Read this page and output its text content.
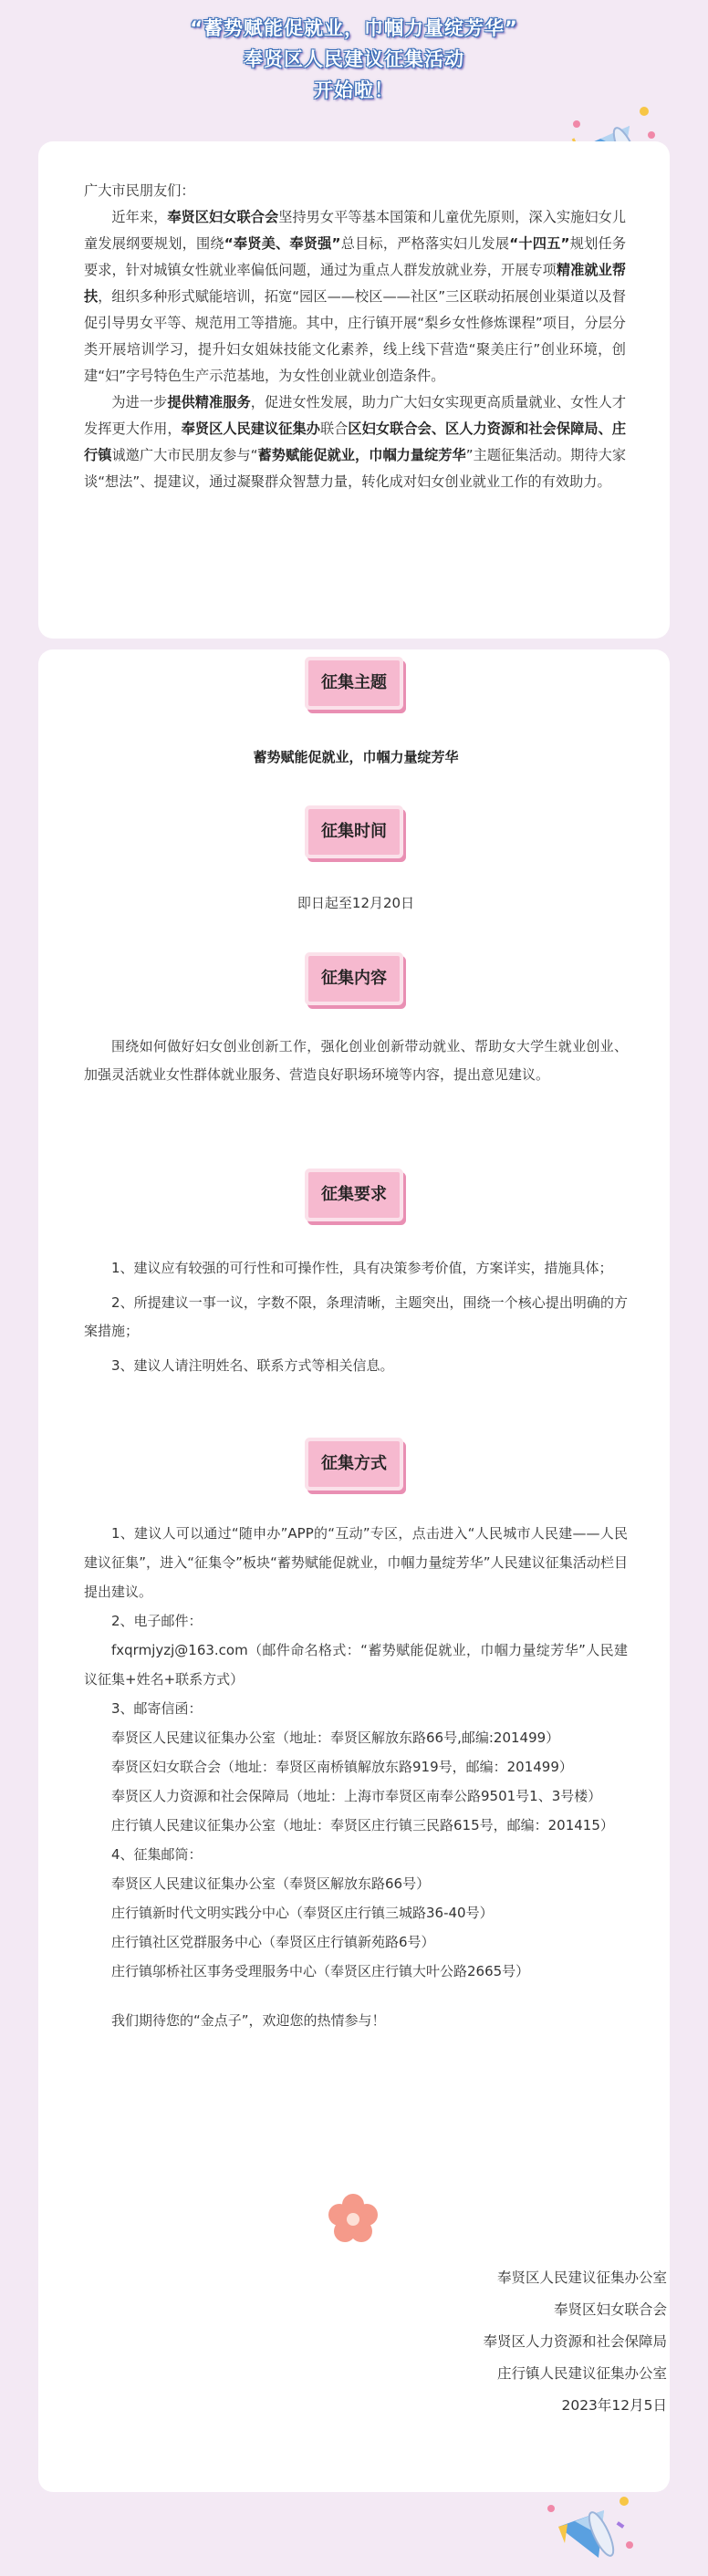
“蓄势赋能促就业，巾帼力量绽芳华”
奉贤区人民建议征集活动
开始啦！

广大市民朋友们：

近年来，奉贤区妇女联合会坚持男女平等基本国策和儿童优先原则，深入实施妇女儿童发展纲要规划，围绕“奉贤美、奉贤强”总目标，严格落实妇儿发展“十四五”规划任务要求，针对城镇女性就业率偏低问题，通过为重点人群发放就业券，开展专项精准就业帮扶，组织多种形式赋能培训，拓宽“园区——校区——社区”三区联动拓展创业渠道以及督促引导男女平等、规范用工等措施。其中，庄行镇开展“梨乡女性修炼课程”项目，分层分类开展培训学习，提升妇女姐妹技能文化素养，线上线下营造“聚美庄行”创业环境，创建“妇”字号特色生产示范基地，为女性创业就业创造条件。

为进一步提供精准服务，促进女性发展，助力广大妇女实现更高质量就业、女性人才发挥更大作用，奉贤区人民建议征集办联合区妇女联合会、区人力资源和社会保障局、庄行镇诚邀广大市民朋友参与“蓄势赋能促就业，巾帼力量绽芳华”主题征集活动。期待大家谈“想法”、提建议，通过凝聚群众智慧力量，转化成对妇女创业就业工作的有效助力。

征集主题
蓄势赋能促就业，巾帼力量绽芳华
征集时间
即日起至12月20日
征集内容

围绕如何做好妇女创业创新工作，强化创业创新带动就业、帮助女大学生就业创业、加强灵活就业女性群体就业服务、营造良好职场环境等内容，提出意见建议。

征集要求

1、建议应有较强的可行性和可操作性，具有决策参考价值，方案详实，措施具体；

2、所提建议一事一议，字数不限，条理清晰，主题突出，围绕一个核心提出明确的方案措施；

3、建议人请注明姓名、联系方式等相关信息。

征集方式

1、建议人可以通过“随申办”APP的“互动”专区，点击进入“人民城市人民建——人民建议征集”，进入“征集令”板块“蓄势赋能促就业，巾帼力量绽芳华”人民建议征集活动栏目提出建议。

2、电子邮件：

fxqrmjyzj@163.com（邮件命名格式：“蓄势赋能促就业，巾帼力量绽芳华”人民建议征集+姓名+联系方式）

3、邮寄信函：

奉贤区人民建议征集办公室（地址：奉贤区解放东路66号,邮编:201499）

奉贤区妇女联合会（地址：奉贤区南桥镇解放东路919号，邮编：201499）

奉贤区人力资源和社会保障局（地址：上海市奉贤区南奉公路9501号1、3号楼）

庄行镇人民建议征集办公室（地址：奉贤区庄行镇三民路615号，邮编：201415）

4、征集邮筒：

奉贤区人民建议征集办公室（奉贤区解放东路66号）

庄行镇新时代文明实践分中心（奉贤区庄行镇三城路36-40号）

庄行镇社区党群服务中心（奉贤区庄行镇新苑路6号）

庄行镇邬桥社区事务受理服务中心（奉贤区庄行镇大叶公路2665号）

我们期待您的“金点子”，欢迎您的热情参与！

奉贤区人民建议征集办公室
奉贤区妇女联合会
奉贤区人力资源和社会保障局
庄行镇人民建议征集办公室
2023年12月5日
